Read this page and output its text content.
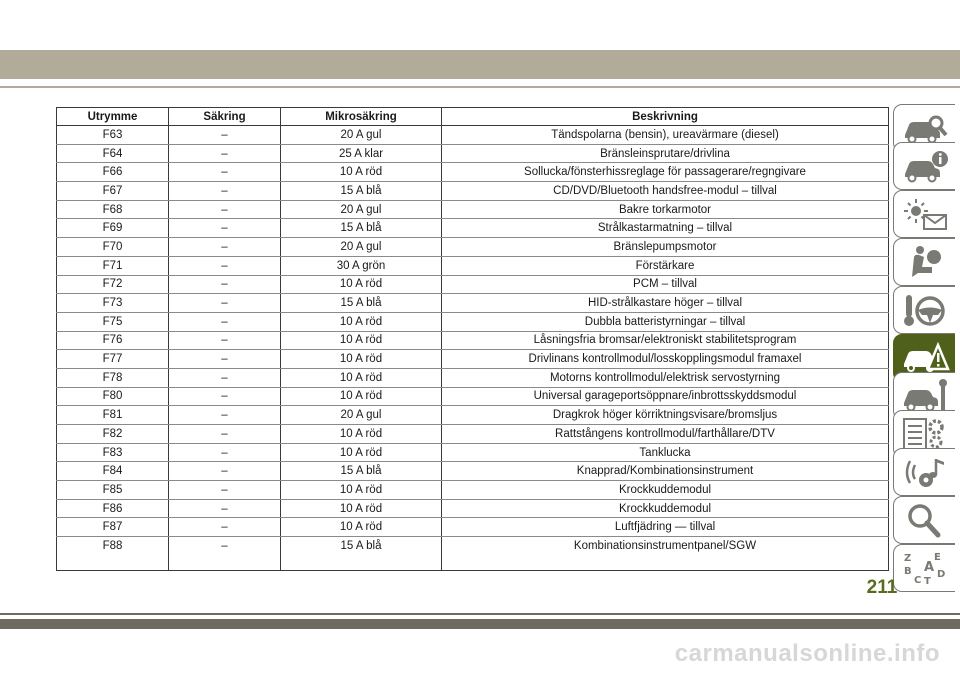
Utrymme	Säkring	Mikrosäkring	Beskrivning
F63	–	20 A gul	Tändspolarna (bensin), ureavärmare (diesel)
F64	–	25 A klar	Bränsleinsprutare/drivlina
F66	–	10 A röd	Sollucka/fönsterhissreglage för passagerare/regngivare
F67	–	15 A blå	CD/DVD/Bluetooth handsfree-modul – tillval
F68	–	20 A gul	Bakre torkarmotor
F69	–	15 A blå	Strålkastarmatning – tillval
F70	–	20 A gul	Bränslepumpsmotor
F71	–	30 A grön	Förstärkare
F72	–	10 A röd	PCM – tillval
F73	–	15 A blå	HID-strålkastare höger – tillval
F75	–	10 A röd	Dubbla batteristyrningar – tillval
F76	–	10 A röd	Låsningsfria bromsar/elektroniskt stabilitetsprogram
F77	–	10 A röd	Drivlinans kontrollmodul/losskopplingsmodul framaxel
F78	–	10 A röd	Motorns kontrollmodul/elektrisk servostyrning
F80	–	10 A röd	Universal garageportsöppnare/inbrottsskyddsmodul
F81	–	20 A gul	Dragkrok höger körriktningsvisare/bromsljus
F82	–	10 A röd	Rattstångens kontrollmodul/farthållare/DTV
F83	–	10 A röd	Tanklucka
F84	–	15 A blå	Knapprad/Kombinationsinstrument
F85	–	10 A röd	Krockkuddemodul
F86	–	10 A röd	Krockkuddemodul
F87	–	10 A röd	Luftfjädring — tillval
F88	–	15 A blå	Kombinationsinstrumentpanel/SGW
Z E
A
B
C T
D
211
carmanualsonline.info
